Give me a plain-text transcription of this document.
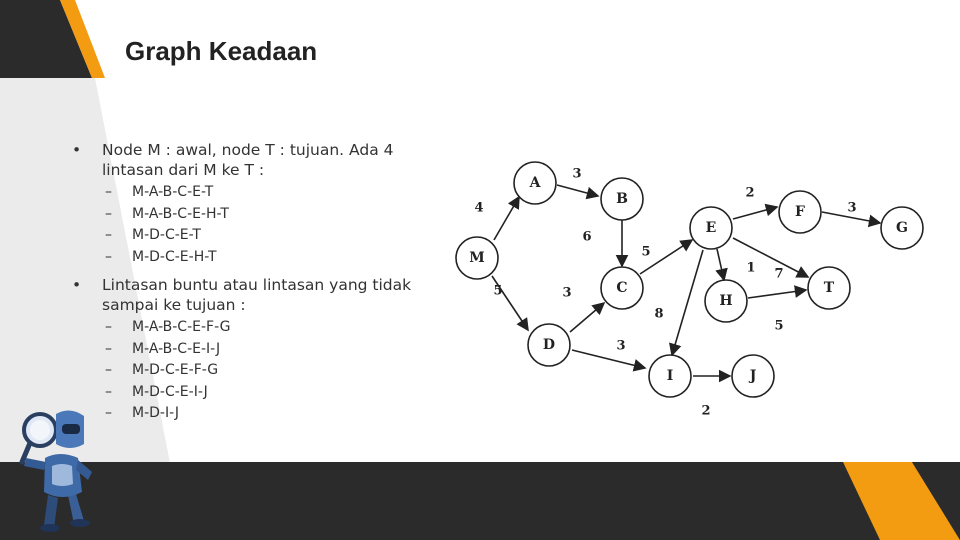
Graph Keadaan
• Node M : awal, node T : tujuan. Ada 4 lintasan dari M ke T :
– M-A-B-C-E-T
– M-A-B-C-E-H-T
– M-D-C-E-T
– M-D-C-E-H-T
• Lintasan buntu atau lintasan yang tidak sampai ke tujuan :
– M-A-B-C-E-F-G
– M-A-B-C-E-I-J
– M-D-C-E-F-G
– M-D-C-E-I-J
– M-D-I-J
M
A
B
C
D
E
F
G
H
T
I	J
4
3
6
5
2
3
1 7
5
5	3
3
8
2
